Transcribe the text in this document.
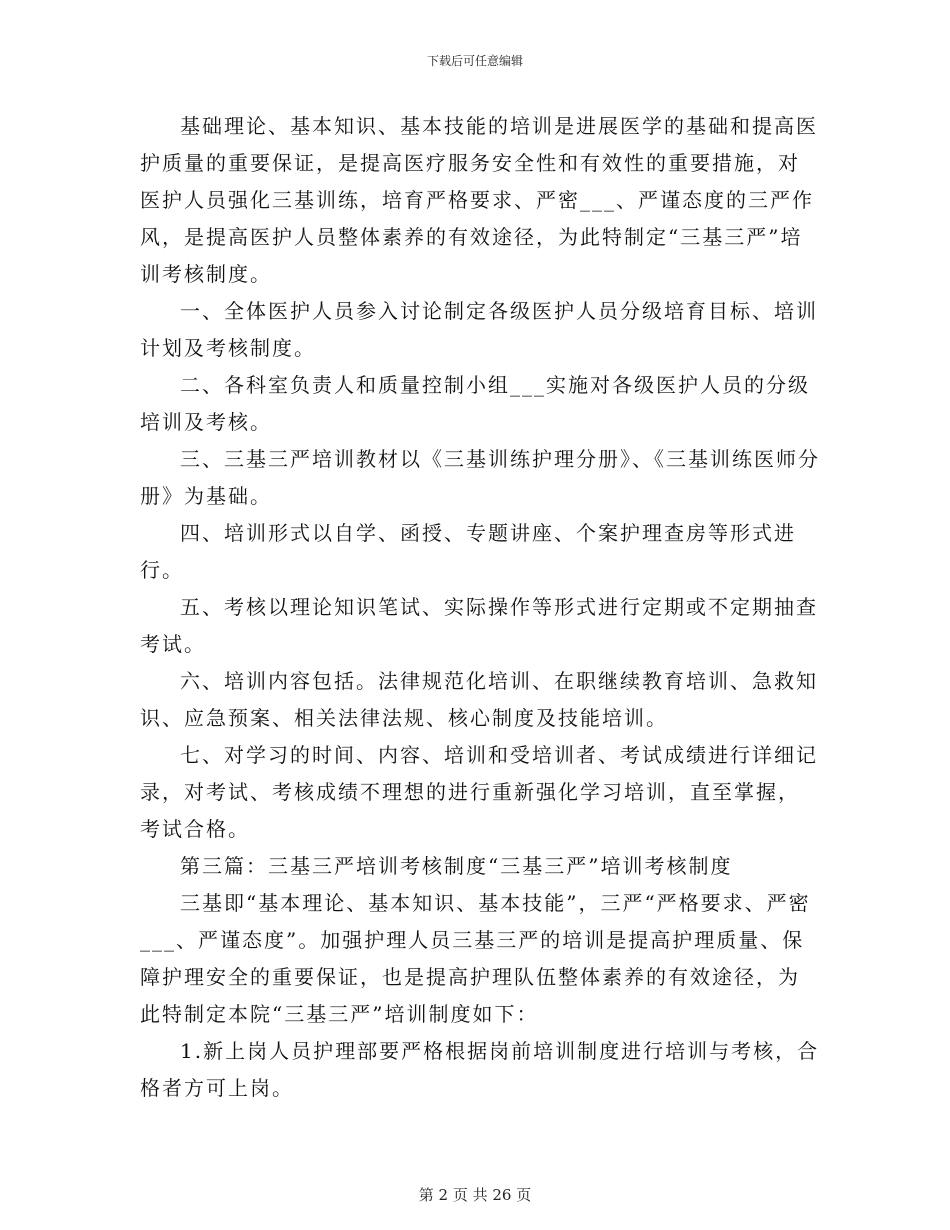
下载后可任意编辑

基础理论、基本知识、基本技能的培训是进展医学的基础和提高医护质量的重要保证，是提高医疗服务安全性和有效性的重要措施，对医护人员强化三基训练，培育严格要求、严密___、严谨态度的三严作风，是提高医护人员整体素养的有效途径，为此特制定“三基三严”培训考核制度。

一、全体医护人员参入讨论制定各级医护人员分级培育目标、培训计划及考核制度。

二、各科室负责人和质量控制小组___实施对各级医护人员的分级培训及考核。

三、三基三严培训教材以《三基训练护理分册》、《三基训练医师分册》为基础。

四、培训形式以自学、函授、专题讲座、个案护理查房等形式进行。

五、考核以理论知识笔试、实际操作等形式进行定期或不定期抽查考试。

六、培训内容包括。法律规范化培训、在职继续教育培训、急救知识、应急预案、相关法律法规、核心制度及技能培训。

七、对学习的时间、内容、培训和受培训者、考试成绩进行详细记录，对考试、考核成绩不理想的进行重新强化学习培训，直至掌握，考试合格。

第三篇：三基三严培训考核制度“三基三严”培训考核制度

三基即“基本理论、基本知识、基本技能”，三严“严格要求、严密___、严谨态度”。加强护理人员三基三严的培训是提高护理质量、保障护理安全的重要保证，也是提高护理队伍整体素养的有效途径，为此特制定本院“三基三严”培训制度如下：

1.新上岗人员护理部要严格根据岗前培训制度进行培训与考核，合格者方可上岗。

第 2 页 共 26 页
